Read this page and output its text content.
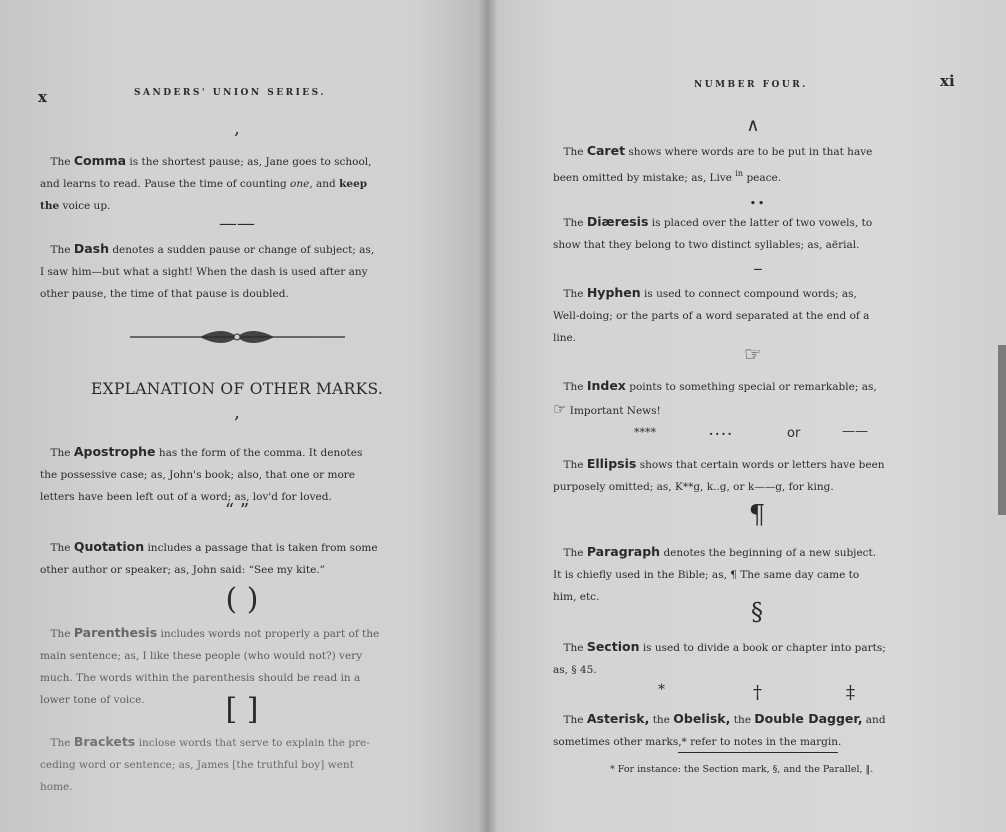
x	SANDERS' UNION SERIES.
,
 The Comma is the shortest pause; as, Jane goes to school,
and learns to read. Pause the time of counting one, and keep
the voice up.
——
 The Dash denotes a sudden pause or change of subject; as,
I saw him—but what a sight! When the dash is used after any
other pause, the time of that pause is doubled.
EXPLANATION OF OTHER MARKS.
,
 The Apostrophe has the form of the comma. It denotes
the possessive case; as, John's book; also, that one or more
letters have been left out of a word; as, lov'd for loved.
“ ”
 The Quotation includes a passage that is taken from some
other author or speaker; as, John said: “See my kite.”
( )
 The Parenthesis includes words not properly a part of the
main sentence; as, I like these people (who would not?) very
much. The words within the parenthesis should be read in a
lower tone of voice.	[ ]
 The Brackets inclose words that serve to explain the pre-
ceding word or sentence; as, James [the truthful boy] went
home.
NUMBER FOUR.	xi
∧
 The Caret shows where words are to be put in that have
been omitted by mistake; as, Live $^{in}$ peace.
..
 The Diæresis is placed over the latter of two vowels, to
show that they belong to two distinct syllables; as, aërial.
–
 The Hyphen is used to connect compound words; as,
Well-doing; or the parts of a word separated at the end of a
line.
☞
 The Index points to something special or remarkable; as,
☞ Important News!
****	....	or	——
 The Ellipsis shows that certain words or letters have been
purposely omitted; as, K**g, k..g, or k——g, for king.
¶
 The Paragraph denotes the beginning of a new subject.
It is chiefly used in the Bible; as, ¶ The same day came to
him, etc.
§
 The Section is used to divide a book or chapter into parts;
as, § 45.
*	†	‡
 The Asterisk, the Obelisk, the Double Dagger, and
sometimes other marks,* refer to notes in the margin.
* For instance: the Section mark, §, and the Parallel, ‖.
